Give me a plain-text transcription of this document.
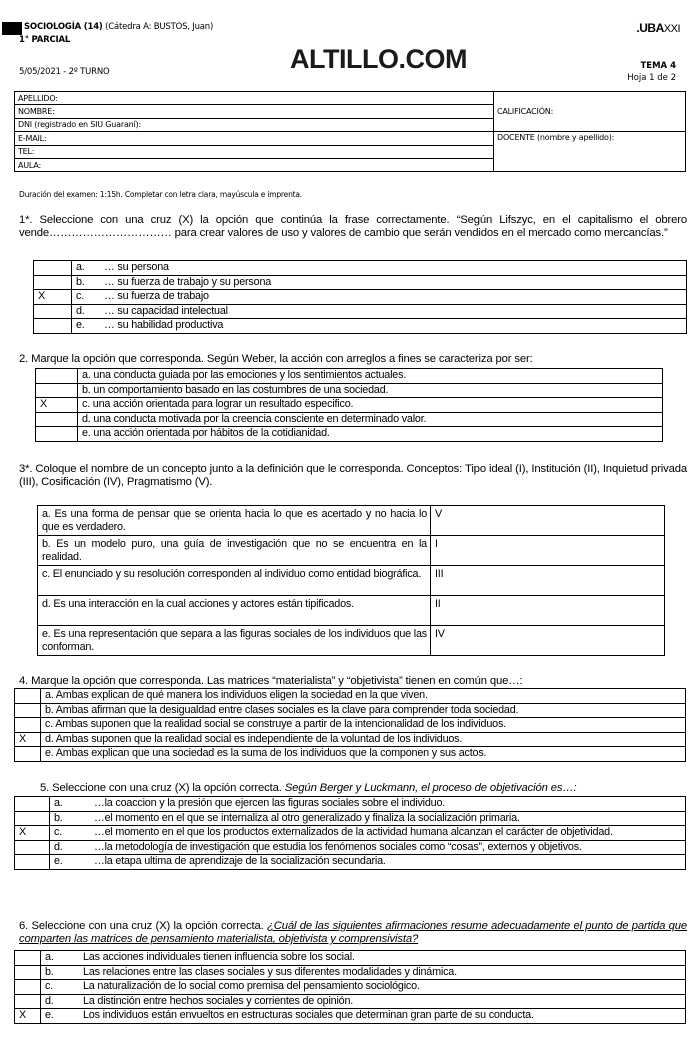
SOCIOLOGÍA (14) (Cátedra A: BUSTOS, Juan)
1° PARCIAL
5/05/2021 - 2º TURNO	ALTILLO.COM
.UBAXXI
TEMA 4
Hoja 1 de 2
APELLIDO:	CALIFICACIÓN:
NOMBRE:	
DNI (registrado en SIU Guaraní):	
E-MAIL:	DOCENTE (nombre y apellido):
TEL:	
AULA:	
Duración del examen: 1:15h. Completar con letra clara, mayúscula e imprenta.
1*. Seleccione con una cruz (X) la opción que continúa la frase correctamente. “Según Lifszyc, en el capitalismo el obrero vende…………………………… para crear valores de uso y valores de cambio que serán vendidos en el mercado como mercancías.”
	a. … su persona
	b. … su fuerza de trabajo y su persona
X	c. … su fuerza de trabajo
	d. … su capacidad intelectual
	e. … su habilidad productiva
2. Marque la opción que corresponda. Según Weber, la acción con arreglos a fines se caracteriza por ser:
	a. una conducta guiada por las emociones y los sentimientos actuales.
	b. un comportamiento basado en las costumbres de una sociedad.
X	c. una acción orientada para lograr un resultado especifico.
	d. una conducta motivada por la creencia consciente en determinado valor.
	e. una acción orientada por hábitos de la cotidianidad.
3*. Coloque el nombre de un concepto junto a la definición que le corresponda. Conceptos: Tipo ideal (I), Institución (II), Inquietud privada (III), Cosificación (IV), Pragmatismo (V).
a. Es una forma de pensar que se orienta hacia lo que es acertado y no hacia lo que es verdadero.	V
b. Es un modelo puro, una guía de investigación que no se encuentra en la realidad.	I
c. El enunciado y su resolución corresponden al individuo como entidad biográfica.	III
d. Es una interacción en la cual acciones y actores están tipificados.	II
e. Es una representación que separa a las figuras sociales de los individuos que las conforman.	IV
4. Marque la opción que corresponda. Las matrices “materialista” y “objetivista” tienen en común que…:
	a. Ambas explican de qué manera los individuos eligen la sociedad en la que viven.
	b. Ambas afirman que la desigualdad entre clases sociales es la clave para comprender toda sociedad.
	c. Ambas suponen que la realidad social se construye a partir de la intencionalidad de los individuos.
X	d. Ambas suponen que la realidad social es independiente de la voluntad de los individuos.
	e. Ambas explican que una sociedad es la suma de los individuos que la componen y sus actos.
5. Seleccione con una cruz (X) la opción correcta. Según Berger y Luckmann, el proceso de objetivación es…:
	a. …la coaccion y la presión que ejercen las figuras sociales sobre el individuo.
	b. …el momento en el que se internaliza al otro generalizado y finaliza la socialización primaria.
X	c. …el momento en el que los productos externalizados de la actividad humana alcanzan el carácter de objetividad.
	d. …la metodología de investigación que estudia los fenómenos sociales como “cosas”, externos y objetivos.
	e. …la etapa ultima de aprendizaje de la socialización secundaria.
6. Seleccione con una cruz (X) la opción correcta. ¿Cuál de las siguientes afirmaciones resume adecuadamente el punto de partida que comparten las matrices de pensamiento materialista, objetivista y comprensivista?
	a. Las acciones individuales tienen influencia sobre los social.
	b. Las relaciones entre las clases sociales y sus diferentes modalidades y dinámica.
	c. La naturalización de lo social como premisa del pensamiento sociológico.
	d. La distinción entre hechos sociales y corrientes de opinión.
X	e. Los individuos están envueltos en estructuras sociales que determinan gran parte de su conducta.
